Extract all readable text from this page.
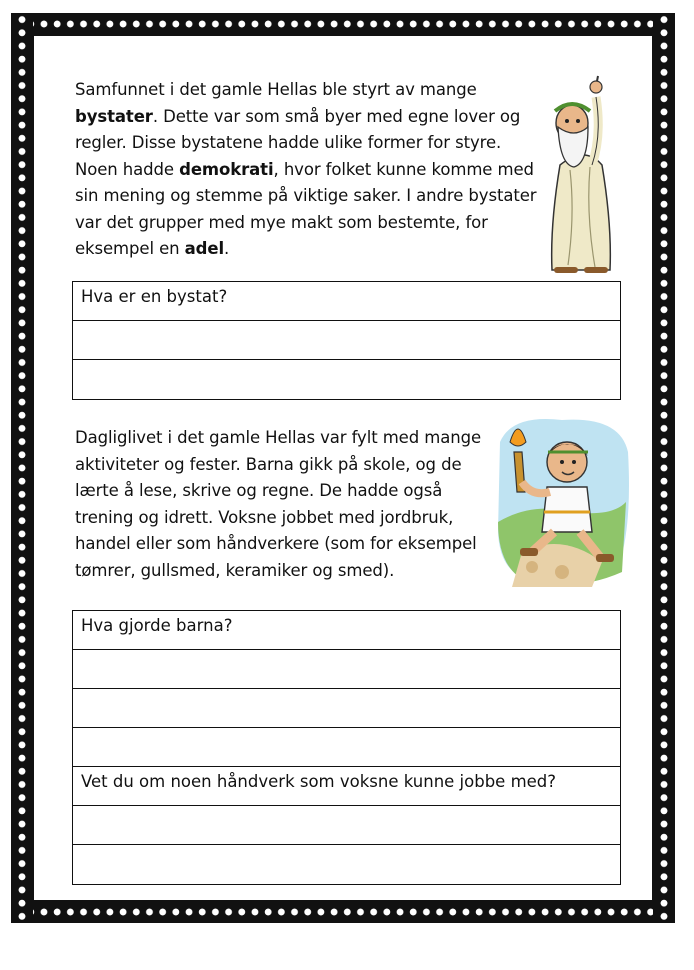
Samfunnet i det gamle Hellas ble styrt av mange bystater. Dette var som små byer med egne lover og regler. Disse bystatene hadde ulike former for styre. Noen hadde demokrati, hvor folket kunne komme med sin mening og stemme på viktige saker. I andre bystater var det grupper med mye makt som bestemte, for eksempel en adel.
Hva er en bystat?
Dagliglivet i det gamle Hellas var fylt med mange aktiviteter og fester. Barna gikk på skole, og de lærte å lese, skrive og regne. De hadde også trening og idrett. Voksne jobbet med jordbruk, handel eller som håndverkere (som for eksempel tømrer, gullsmed, keramiker og smed).
Hva gjorde barna?
Vet du om noen håndverk som voksne kunne jobbe med?
